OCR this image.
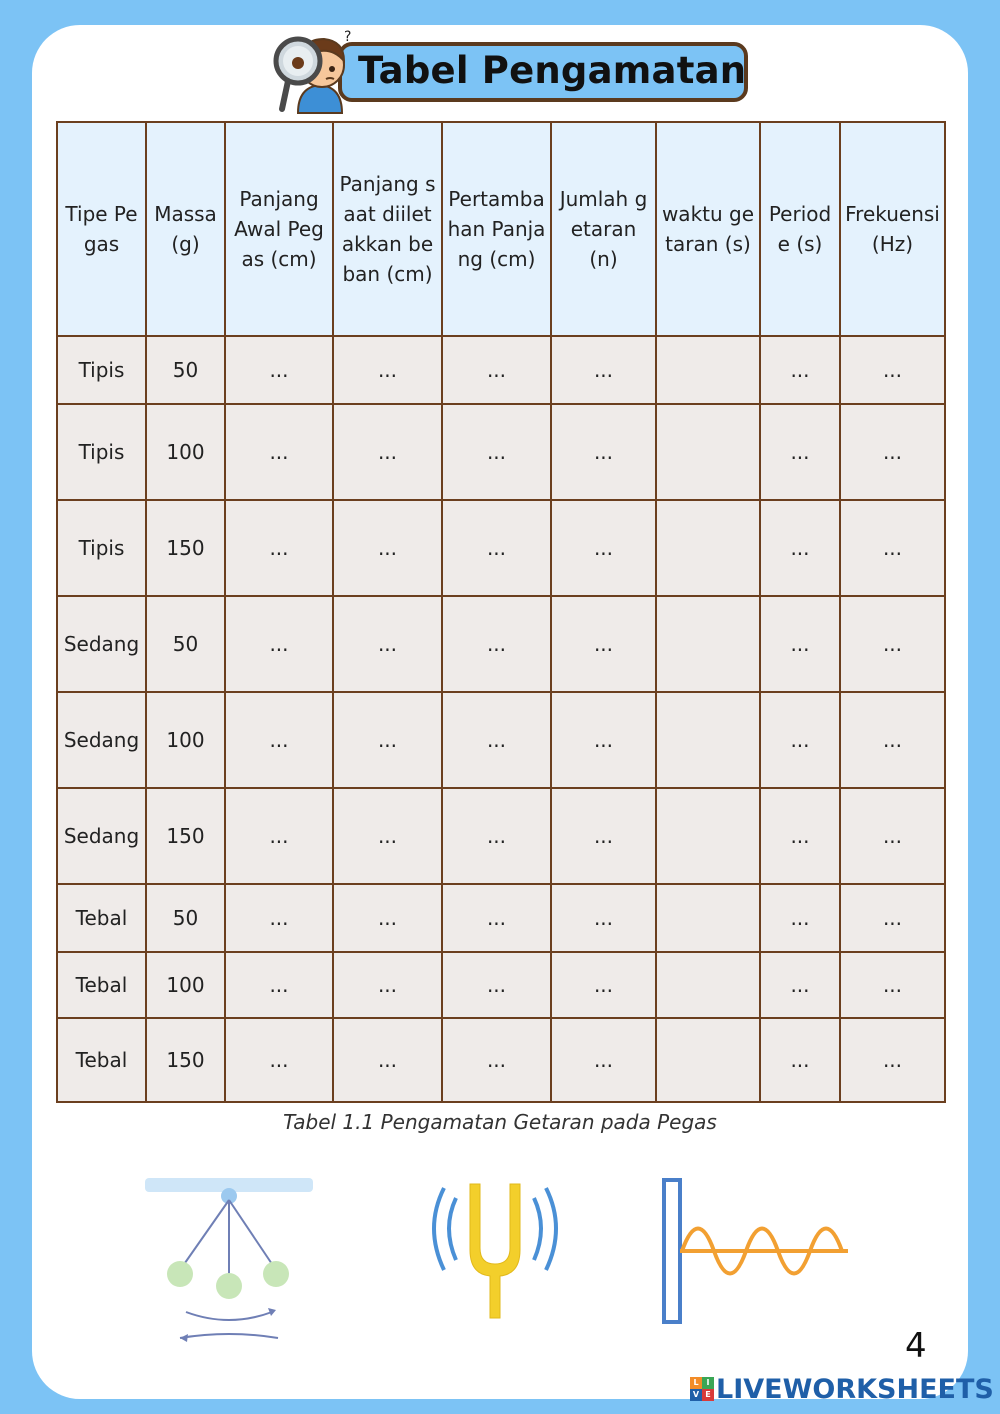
Tabel Pengamatan
?
Tipe Pegas	Massa (g)	Panjang Awal Pegas (cm)	Panjang saat diiletakkan beban (cm)	Pertambahan Panjang (cm)	Jumlah getaran (n)	waktu getaran (s)	Periode (s)	Frekuensi (Hz)
Tipis	50	...	...	...	...		...	...
Tipis	100	...	...	...	...		...	...
Tipis	150	...	...	...	...		...	...
Sedang	50	...	...	...	...		...	...
Sedang	100	...	...	...	...		...	...
Sedang	150	...	...	...	...		...	...
Tebal	50	...	...	...	...		...	...
Tebal	100	...	...	...	...		...	...
Tebal	150	...	...	...	...		...	...
Tabel 1.1 Pengamatan Getaran pada Pegas
4
L I
V E LIVEWORKSHEETS
